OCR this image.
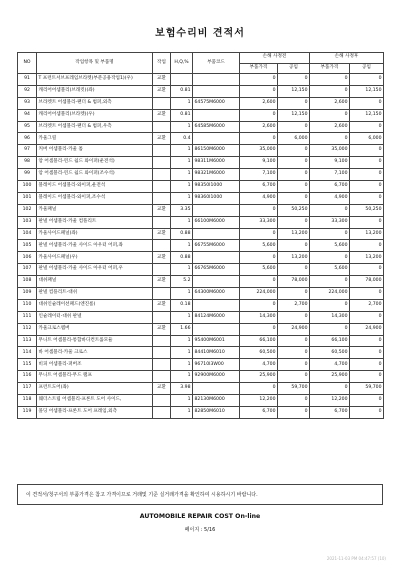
보험수리비 견적서
NO	작업항목 및 부품명	작업	H,Q,%	부품코드	손해 사정전		손해 사정후	
					부품가격	공임	부품가격	공임
91	T 프런트서브프레임브라켓(부분공용작업1)(우)	교환			0	0	0	0
92	캐리어어셈블리(브래킷)(좌)	교환	0.81		0	12,150	0	12,150
93	브라켓트 어셈블리-팬더 & 범퍼,외측		1	64575M6000	2,600	0	2,600	0
94	캐리어어셈블리(브라켓)(우)	교환	0.81		0	12,150	0	12,150
95	브라켓트 어셈블리-팬더 & 범퍼,우측		1	64585M6000	2,600	0	2,600	0
96	카울그릴	교환	0.4		0	6,000	0	6,000
97	커버 어셈블리-카울 톱		1	86150M6000	35,000	0	35,000	0
98	암 어셈블리-윈드 쉴드 와이퍼(운전석)		1	98311M6000	9,100	0	9,100	0
99	암 어셈블리-윈드 쉴드 와이퍼(조수석)		1	98321M6000	7,100	0	7,100	0
100	블레이드 어셈블리-와이퍼,운전석		1	98350I1000	6,700	0	6,700	0
101	블레이드 어셈블리-와이퍼,조수석		1	98360I1000	4,900	0	4,900	0
102	카울패널	교환	3.35		0	50,250	0	50,250
103	판넬 어셈블리-카울 컴플리트		1	66100M6000	33,300	0	33,300	0
104	카울사이드패널(좌)	교환	0.88		0	13,200	0	13,200
105	판넬 어셈블리-카울 사이드 아우터 어퍼,좌		1	66755M6000	5,600	0	5,600	0
106	카울사이드패널(우)	교환	0.88		0	13,200	0	13,200
107	판넬 어셈블리-카울 사이드 아우터 어퍼,우		1	66765M6000	5,600	0	5,600	0
108	대쉬패널	교환	5.2		0	78,000	0	78,000
109	판넬 컴플리트-대쉬		1	64300M6000	224,000	0	224,000	0
110	대쉬인슐레이션패드(엔진룸)	교환	0.18		0	2,700	0	2,700
111	인슐레이터-대쉬 판넬		1	84124M6000	14,300	0	14,300	0
112	카울크로스멤버	교환	1.66		0	24,900	0	24,900
113	무니트 어셈블리-통합바디컨트롤모듈		1	95400M6001	66,100	0	66,100	0
114	바 어셈블리-카울 크로스		1	84410M6010	60,500	0	60,500	0
115	비피 어셈블리-퍼버조		1	96710I3W00	4,700	0	4,700	0
116	무니트 어셈블리-무드 램프		1	92900M6000	25,900	0	25,900	0
117	프런트도어(좌)	교환	3.98		0	59,700	0	59,700
118	웨더스트립 어셈블리-프론트 도어 사이드,		1	82130M6000	12,200	0	12,200	0
119	몰딩 어셈블리-프론트 도어 프레임,외측		1	82850M6010	6,700	0	6,700	0
이 견적서/청구서의 부품가격은 참고 가격이므로 거래및 기준 실거래가격을 확인하여 시용하시기 바랍니다.
AUTOMOBILE REPAIR COST On-line
페이지 : 5/16
2021-11-03 PM 04:47:57 (10)
